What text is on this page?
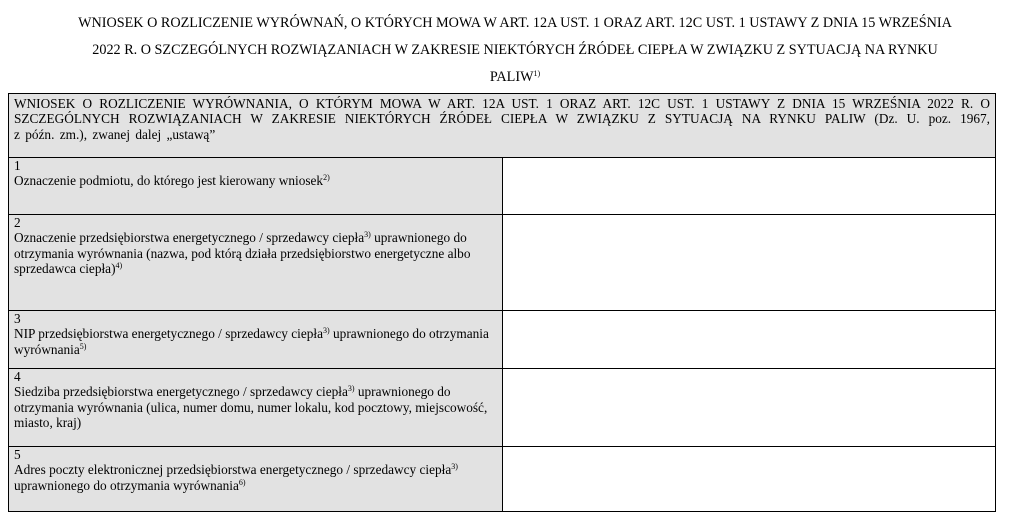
WNIOSEK O ROZLICZENIE WYRÓWNAŃ, O KTÓRYCH MOWA W ART. 12A UST. 1 ORAZ ART. 12C UST. 1 USTAWY Z DNIA 15 WRZEŚNIA
2022 R. O SZCZEGÓLNYCH ROZWIĄZANIACH W ZAKRESIE NIEKTÓRYCH ŹRÓDEŁ CIEPŁA W ZWIĄZKU Z SYTUACJĄ NA RYNKU
PALIW$^{1)}$
WNIOSEK O ROZLICZENIE WYRÓWNANIA, O KTÓRYM MOWA W ART. 12A UST. 1 ORAZ ART. 12C UST. 1 USTAWY Z DNIA 15 WRZEŚNIA 2022 R. O SZCZEGÓLNYCH ROZWIĄZANIACH W ZAKRESIE NIEKTÓRYCH ŹRÓDEŁ CIEPŁA W ZWIĄZKU Z SYTUACJĄ NA RYNKU PALIW (Dz. U. poz. 1967,
z późn. zm.), zwanej dalej „ustawą”	

1
Oznaczenie podmiotu, do którego jest kierowany wniosek$^{2)}$	

2
Oznaczenie przedsiębiorstwa energetycznego / sprzedawcy ciepła$^{3)}$ uprawnionego do otrzymania wyrównania (nazwa, pod którą działa przedsiębiorstwo energetyczne albo sprzedawca ciepła)$^{4)}$	

3
NIP przedsiębiorstwa energetycznego / sprzedawcy ciepła$^{3)}$ uprawnionego do otrzymania wyrównania$^{5)}$	

4
Siedziba przedsiębiorstwa energetycznego / sprzedawcy ciepła$^{3)}$ uprawnionego do otrzymania wyrównania (ulica, numer domu, numer lokalu, kod pocztowy, miejscowość, miasto, kraj)	

5
Adres poczty elektronicznej przedsiębiorstwa energetycznego / sprzedawcy ciepła$^{3)}$ uprawnionego do otrzymania wyrównania$^{6)}$	
